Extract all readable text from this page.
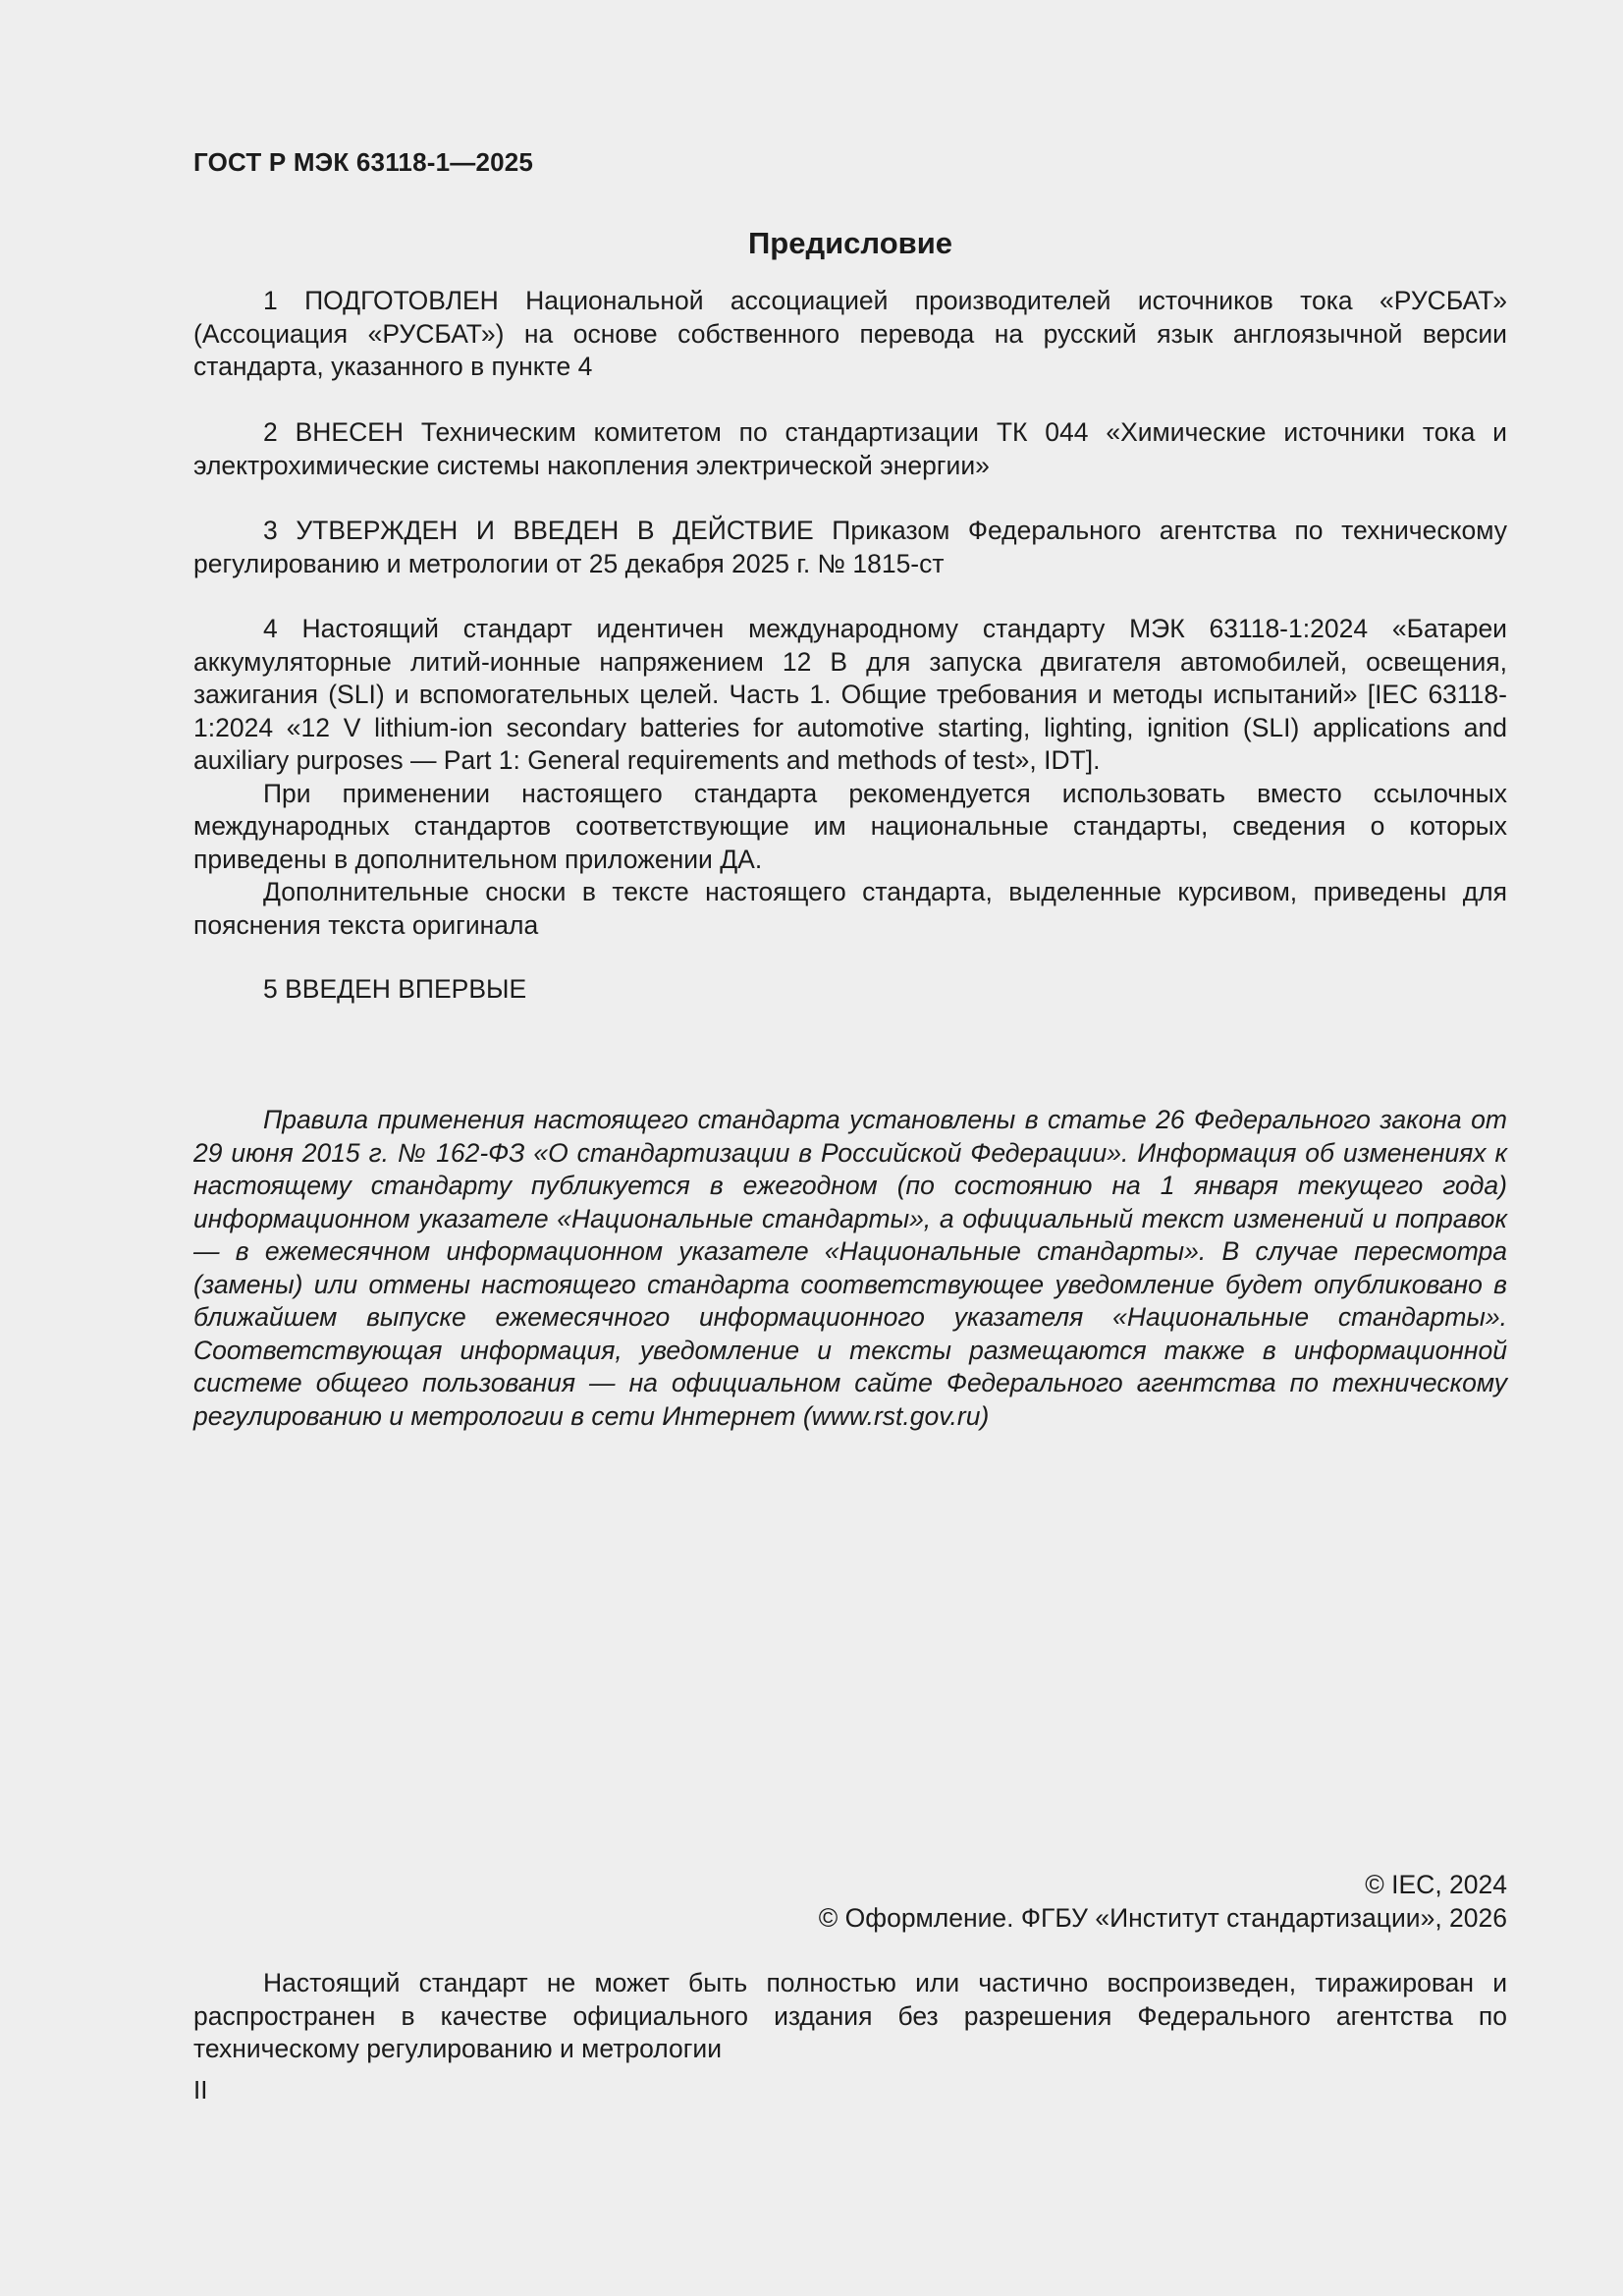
ГОСТ Р МЭК 63118-1—2025
Предисловие

1 ПОДГОТОВЛЕН Национальной ассоциацией производителей источников тока «РУСБАТ» (Ассоциация «РУСБАТ») на основе собственного перевода на русский язык англоязычной версии стандарта, указанного в пункте 4

2 ВНЕСЕН Техническим комитетом по стандартизации ТК 044 «Химические источники тока и электрохимические системы накопления электрической энергии»

3 УТВЕРЖДЕН И ВВЕДЕН В ДЕЙСТВИЕ Приказом Федерального агентства по техническому регулированию и метрологии от 25 декабря 2025 г. № 1815-ст

4 Настоящий стандарт идентичен международному стандарту МЭК 63118-1:2024 «Батареи аккумуляторные литий-ионные напряжением 12 В для запуска двигателя автомобилей, освещения, зажигания (SLI) и вспомогательных целей. Часть 1. Общие требования и методы испытаний» [IEC 63118-1:2024 «12 V lithium-ion secondary batteries for automotive starting, lighting, ignition (SLI) applications and auxiliary purposes — Part 1: General requirements and methods of test», IDT].

При применении настоящего стандарта рекомендуется использовать вместо ссылочных международных стандартов соответствующие им национальные стандарты, сведения о которых приведены в дополнительном приложении ДА.

Дополнительные сноски в тексте настоящего стандарта, выделенные курсивом, приведены для пояснения текста оригинала

5 ВВЕДЕН ВПЕРВЫЕ

Правила применения настоящего стандарта установлены в статье 26 Федерального закона от 29 июня 2015 г. № 162-ФЗ «О стандартизации в Российской Федерации». Информация об изменениях к настоящему стандарту публикуется в ежегодном (по состоянию на 1 января текущего года) информационном указателе «Национальные стандарты», а официальный текст изменений и поправок — в ежемесячном информационном указателе «Национальные стандарты». В случае пересмотра (замены) или отмены настоящего стандарта соответствующее уведомление будет опубликовано в ближайшем выпуске ежемесячного информационного указателя «Национальные стандарты». Соответствующая информация, уведомление и тексты размещаются также в информационной системе общего пользования — на официальном сайте Федерального агентства по техническому регулированию и метрологии в сети Интернет (www.rst.gov.ru)

© IEC, 2024

© Оформление. ФГБУ «Институт стандартизации», 2026

Настоящий стандарт не может быть полностью или частично воспроизведен, тиражирован и распространен в качестве официального издания без разрешения Федерального агентства по техническому регулированию и метрологии

II
